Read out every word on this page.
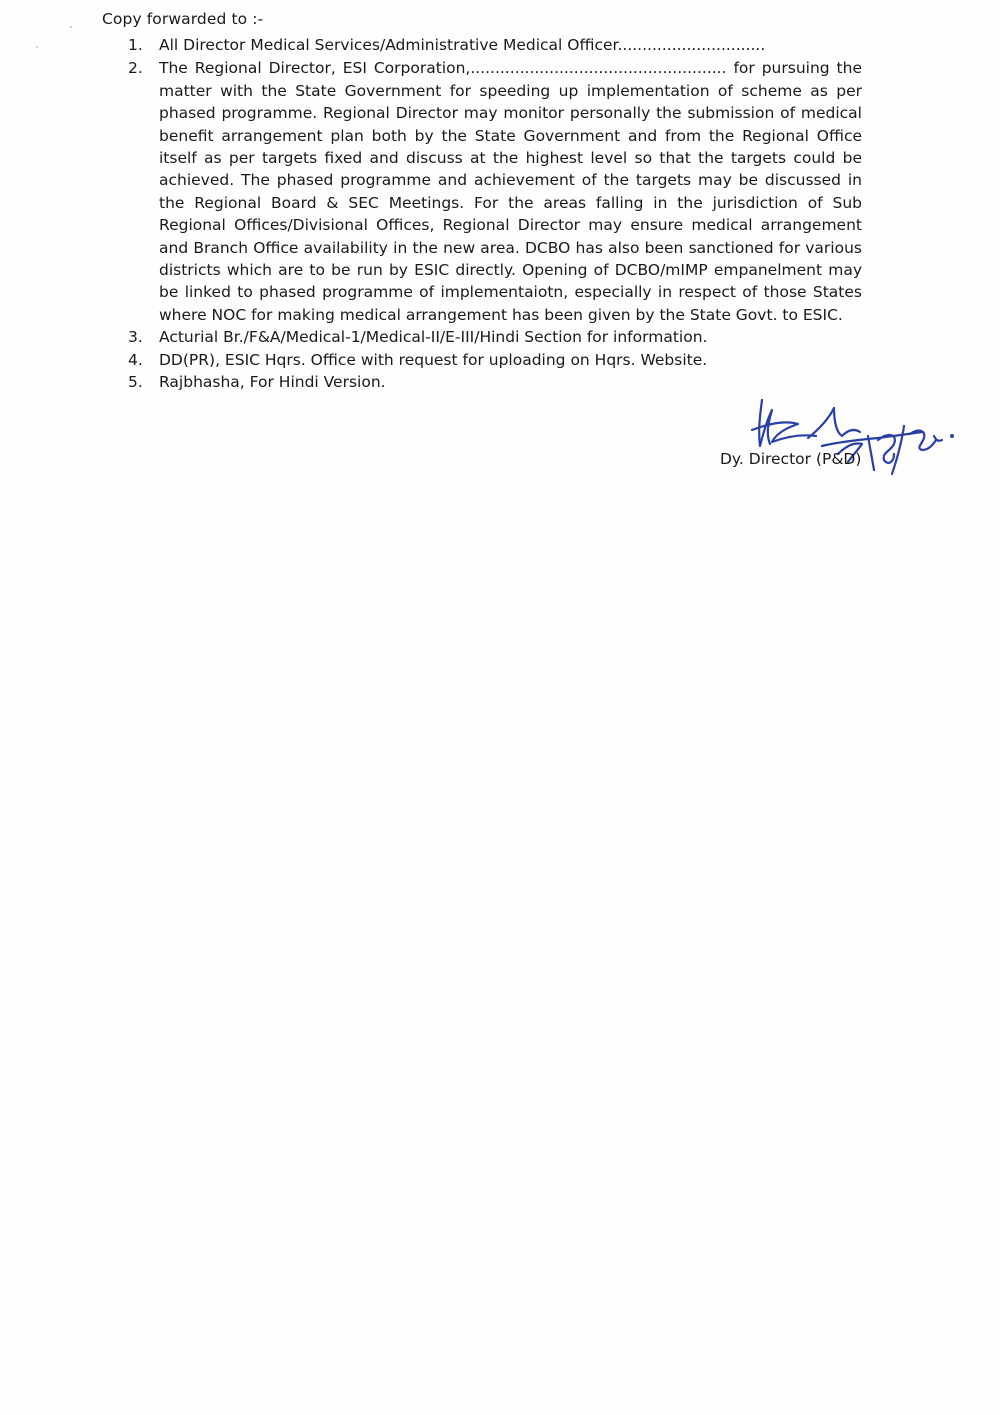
Copy forwarded to :-
1.	All Director Medical Services/Administrative Medical Officer..............................
2.	The Regional Director, ESI Corporation,.................................................... for pursuing the matter with the State Government for speeding up implementation of scheme as per phased programme. Regional Director may monitor personally the submission of medical benefit arrangement plan both by the State Government and from the Regional Office itself as per targets fixed and discuss at the highest level so that the targets could be achieved. The phased programme and achievement of the targets may be discussed in the Regional Board & SEC Meetings. For the areas falling in the jurisdiction of Sub Regional Offices/Divisional Offices, Regional Director may ensure medical arrangement and Branch Office availability in the new area. DCBO has also been sanctioned for various districts which are to be run by ESIC directly. Opening of DCBO/mIMP empanelment may be linked to phased programme of implementaiotn, especially in respect of those States where NOC for making medical arrangement has been given by the State Govt. to ESIC.
3.	Acturial Br./F&A/Medical-1/Medical-II/E-III/Hindi Section for information.
4.	DD(PR), ESIC Hqrs. Office with request for uploading on Hqrs. Website.
5.	Rajbhasha, For Hindi Version.
Dy. Director (P&D)
